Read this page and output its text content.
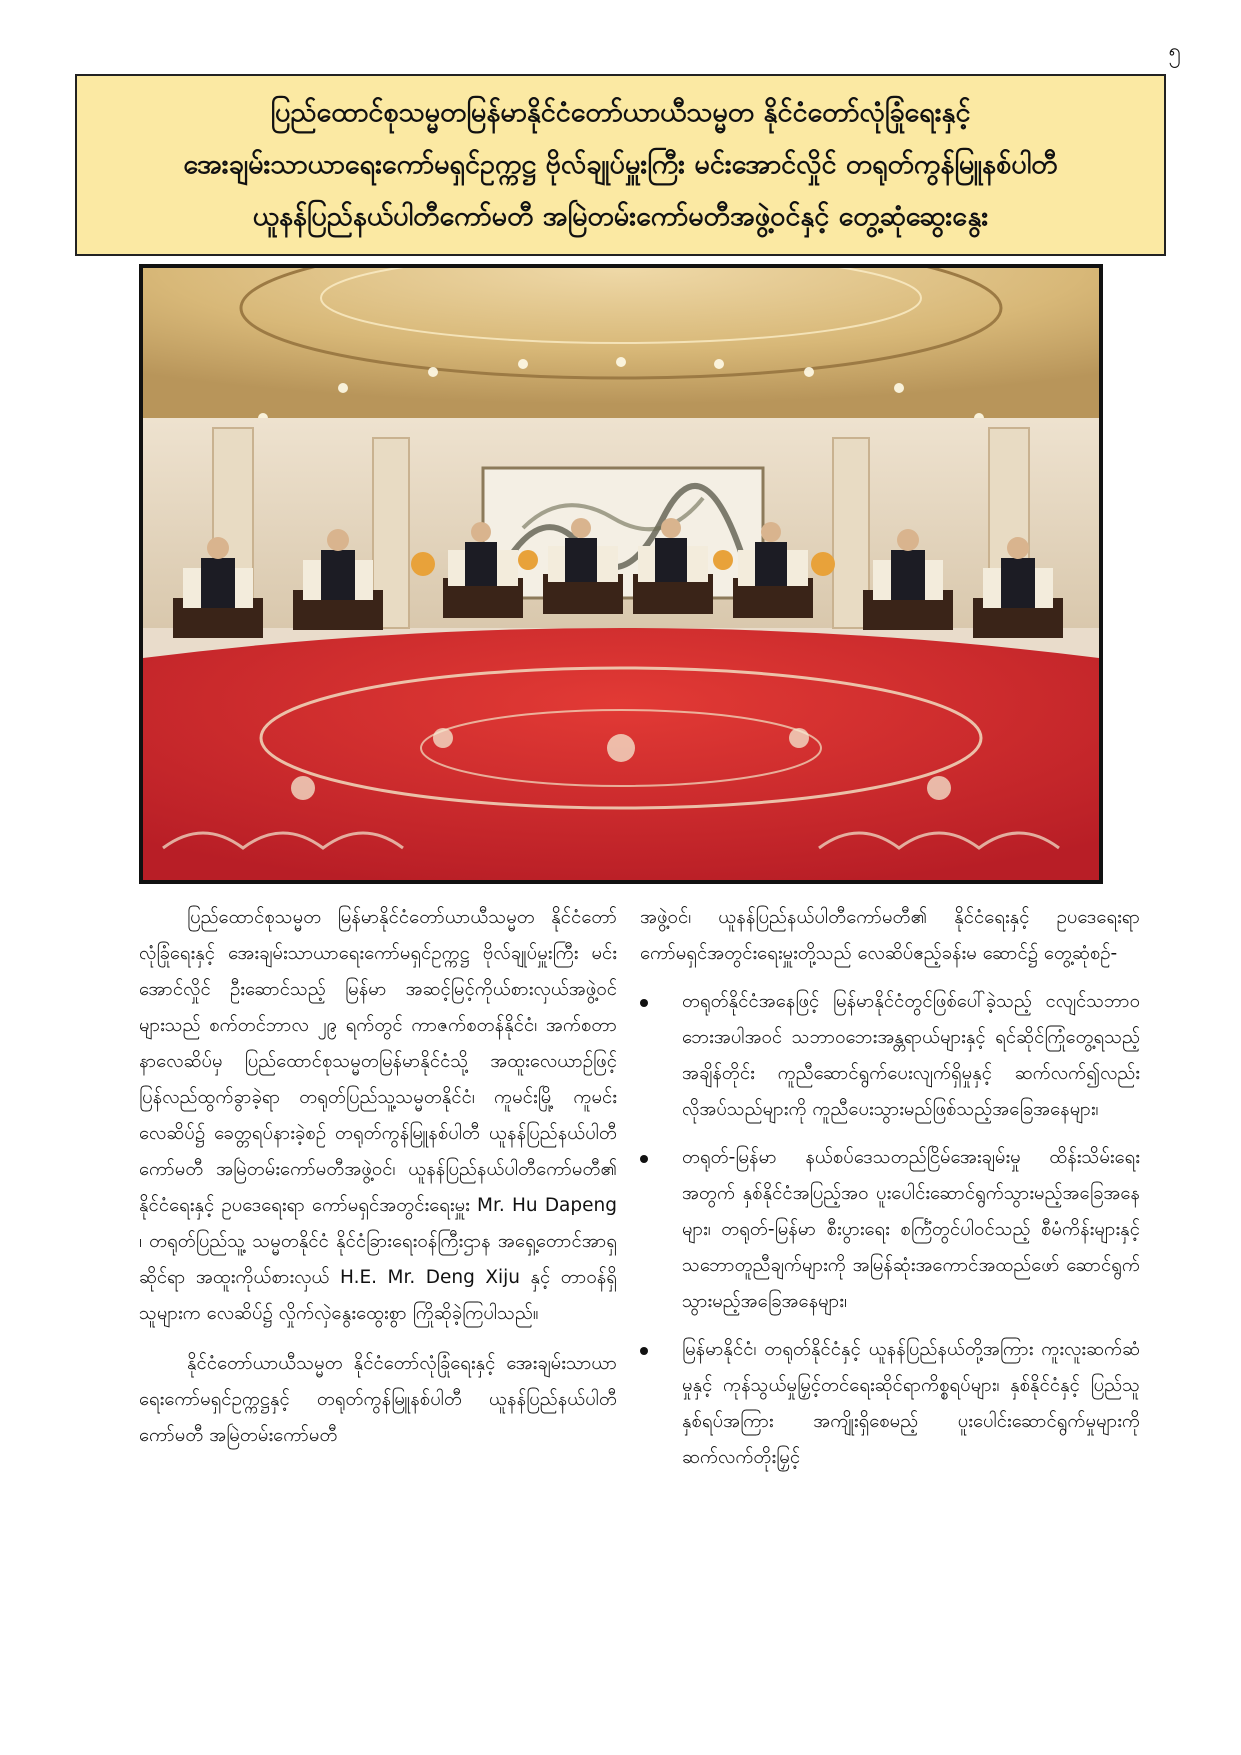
၅
ပြည်ထောင်စုသမ္မတမြန်မာနိုင်ငံတော်ယာယီသမ္မတ နိုင်ငံတော်လုံခြုံရေးနှင့်
အေးချမ်းသာယာရေးကော်မရှင်ဥက္ကဋ္ဌ ဗိုလ်ချုပ်မှူးကြီး မင်းအောင်လှိုင် တရုတ်ကွန်မြူနစ်ပါတီ
ယူနန်ပြည်နယ်ပါတီကော်မတီ အမြဲတမ်းကော်မတီအဖွဲ့ဝင်နှင့် တွေ့ဆုံဆွေးနွေး

ပြည်ထောင်စုသမ္မတ မြန်မာနိုင်ငံတော်ယာယီသမ္မတ နိုင်ငံတော်လုံခြုံရေးနှင့် အေးချမ်းသာယာရေးကော်မရှင်ဥက္ကဋ္ဌ ဗိုလ်ချုပ်မှူးကြီး မင်းအောင်လှိုင် ဦးဆောင်သည့် မြန်မာ အဆင့်မြင့်ကိုယ်စားလှယ်အဖွဲ့ဝင်များသည် စက်တင်ဘာလ ၂၉ ရက်တွင် ကာဇက်စတန်နိုင်ငံ၊ အက်စတာနာလေဆိပ်မှ ပြည်ထောင်စုသမ္မတမြန်မာနိုင်ငံသို့ အထူးလေယာဉ်ဖြင့် ပြန်လည်ထွက်ခွာခဲ့ရာ တရုတ်ပြည်သူ့သမ္မတနိုင်ငံ၊ ကူမင်းမြို့ ကူမင်းလေဆိပ်၌ ခေတ္တရပ်နားခဲ့စဉ် တရုတ်ကွန်မြူနစ်ပါတီ ယူနန်ပြည်နယ်ပါတီကော်မတီ အမြဲတမ်းကော်မတီအဖွဲ့ဝင်၊ ယူနန်ပြည်နယ်ပါတီကော်မတီ၏ နိုင်ငံရေးနှင့် ဥပဒေရေးရာ ကော်မရှင်အတွင်းရေးမှူး Mr. Hu Dapeng ၊ တရုတ်ပြည်သူ့ သမ္မတနိုင်ငံ နိုင်ငံခြားရေးဝန်ကြီးဌာန အရှေ့တောင်အာရှ ဆိုင်ရာ အထူးကိုယ်စားလှယ် H.E. Mr. Deng Xiju နှင့် တာဝန်ရှိသူများက လေဆိပ်၌ လှိုက်လှဲနွေးထွေးစွာ ကြိုဆိုခဲ့ကြပါသည်။

နိုင်ငံတော်ယာယီသမ္မတ နိုင်ငံတော်လုံခြုံရေးနှင့် အေးချမ်းသာယာရေးကော်မရှင်ဥက္ကဋ္ဌနှင့် တရုတ်ကွန်မြူနစ်ပါတီ ယူနန်ပြည်နယ်ပါတီကော်မတီ အမြဲတမ်းကော်မတီ

အဖွဲ့ဝင်၊ ယူနန်ပြည်နယ်ပါတီကော်မတီ၏ နိုင်ငံရေးနှင့် ဥပဒေရေးရာကော်မရှင်အတွင်းရေးမှူးတို့သည် လေဆိပ်ဧည့်ခန်းမ ဆောင်၌ တွေ့ဆုံစဉ်-

တရုတ်နိုင်ငံအနေဖြင့် မြန်မာနိုင်ငံတွင်ဖြစ်ပေါ်ခဲ့သည့် ငလျင်သဘာဝဘေးအပါအဝင် သဘာဝဘေးအန္တရာယ်များနှင့် ရင်ဆိုင်ကြုံတွေ့ရသည့်အချိန်တိုင်း ကူညီဆောင်ရွက်ပေးလျက်ရှိမှုနှင့် ဆက်လက်၍လည်း လိုအပ်သည်များကို ကူညီပေးသွားမည်ဖြစ်သည့်အခြေအနေများ၊
တရုတ်-မြန်မာ နယ်စပ်ဒေသတည်ငြိမ်အေးချမ်းမှု ထိန်းသိမ်းရေးအတွက် နှစ်နိုင်ငံအပြည့်အဝ ပူးပေါင်းဆောင်ရွက်သွားမည့်အခြေအနေများ၊ တရုတ်-မြန်မာ စီးပွားရေး စင်္ကြံတွင်ပါဝင်သည့် စီမံကိန်းများနှင့် သဘောတူညီချက်များကို အမြန်ဆုံးအကောင်အထည်ဖော် ဆောင်ရွက်သွားမည့်အခြေအနေများ၊
မြန်မာနိုင်ငံ၊ တရုတ်နိုင်ငံနှင့် ယူနန်ပြည်နယ်တို့အကြား ကူးလူးဆက်ဆံမှုနှင့် ကုန်သွယ်မှုမြှင့်တင်ရေးဆိုင်ရာကိစ္စရပ်များ၊ နှစ်နိုင်ငံနှင့် ပြည်သူနှစ်ရပ်အကြား အကျိုးရှိစေမည့် ပူးပေါင်းဆောင်ရွက်မှုများကို ဆက်လက်တိုးမြှင့်
